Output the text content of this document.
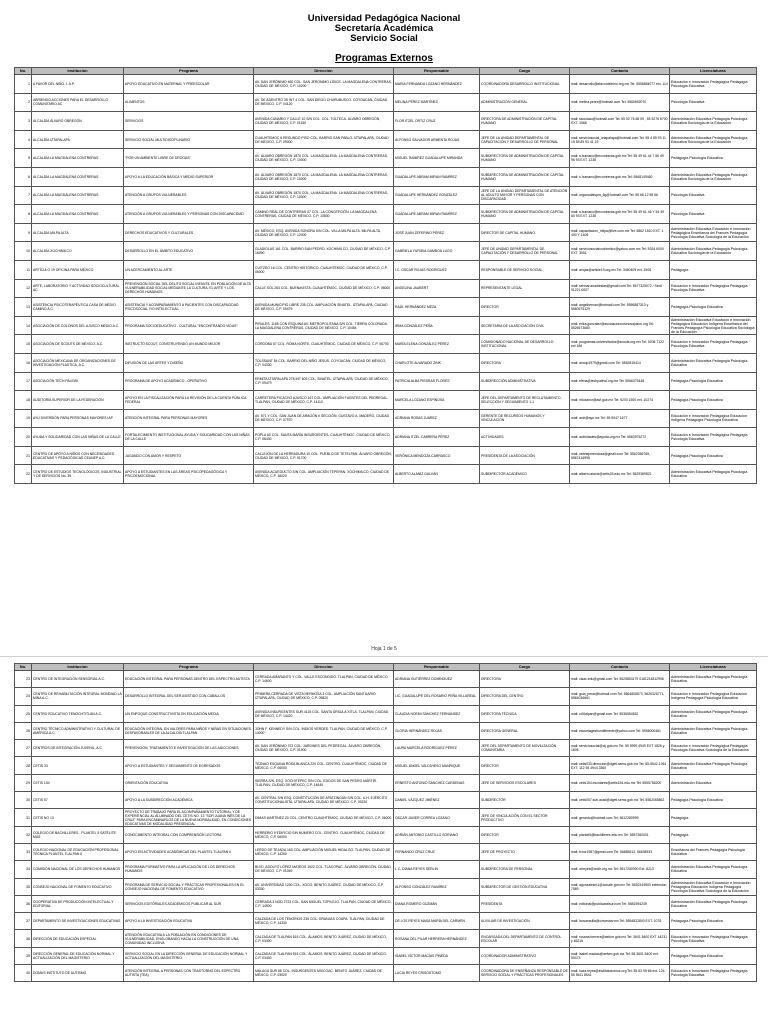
Universidad Pedagógica Nacional
Secretaría Académica
Servicio Social
Programas Externos
No.	Institución	Programa	Dirección	Responsable	Cargo	Contacto	Licenciaturas
1	A FAVOR DEL NIÑO, I. A.P.	APOYO EDUCATIVO EN MATERNAL Y PREESCOLAR	AV. SAN JERÓNIMO 460 COL. SAN JERÓNIMO LÍDICE. LA MAGDALENA CONTRERAS, CIUDAD DE MÉXICO, C.P. 10200	MARÍA FERNANDA LOZANO HERNÁNDEZ	COORDINADORA DESARROLLO INSTITUCIONAL	mail: desarrollo@afavordelnino.org.mx Tel: 5556684077 ext. 114	Educación e Innovación Pedagógica Pedagogía Psicología Educativa
2	ABRIENDO ACCIONES PARA EL DESARROLLO COMUNITARIO AC	ALIMENTOS	AV. DE ADENTRO 3S INT 4 COL. SAN DIEGO CHURUBUSCO. COYOACÁN, CIUDAD DE MÉXICO, C.P. 04120	MELINA PÉREZ MARTÍNEZ	ADMINISTRACIÓN GENERAL	mail: melina.perez@hotmail.com Tel: 5560692070	Psicología Educativa
3	ALCALDÍA ÁLVARO OBREGÓN	SERVICIOS	AVENIDA CANARIO Y CALLE 10 S/N COL. COL. TOLTECA. ÁLVARO OBREGÓN, CIUDAD DE MÉXICO, C.P. 01150	FLOR ITZEL ORTIZ CRUZ	DIRECTORA DE ADMINISTRACIÓN DE CAPITAL HUMANO	mail: ssociaao@hotmail.com Tel: 55 52 76 68 09 , 55 5276 6700 EXT. 1568	Administración Educativa Pedagogía Psicología Educativa Sociología de la Educación
4	ALCALDÍA IZTAPALAPA	SERVICIO SOCIAL MULTIDISCIPLINARIO	CUAUHTEMOC 6 REGUNDO PISO COL. BARRIO SAN PABLO. IZTAPALAPA, CIUDAD DE MÉXICO, C.P. 09000	ALFONSO SALVADOR ARMENTA ROJAS	JEFE DE LA UNIDAD DEPARTAMENTAL DE CAPACITACIÓN Y DESARROLLO DE PERSONAL	mail: serviciosocial_iztapalapa@hotmail.com Tel: 55 4 89 93 11 15 55 89 93 41 19	Administración Educativa Pedagogía Psicología Educativa Sociología de la Educación
5	ALCALDÍA LA MAGDALENA CONTRERAS	"POR UN AMBIENTE LIBRE DE DROGAS"	AV. ÁLVARO OBREGÓN 1870 COL. LA MAGDALENA. LA MAGDALENA CONTRERAS, CIUDAD DE MÉXICO, C.P. 10000	MIGUEL RAMÍREZ GUADALUPE MIRANDA	SUBDIRECTORA DE ADMINISTRACIÓN DE CAPITAL HUMANO	mail: s.humano@mcontreras.gob.mx Tel: 55 49 61 44 7 56 49 96 93 EXT. 1238	Pedagogía Psicología Educativa
6	ALCALDÍA LA MAGDALENA CONTRERAS	APOYO A LA EDUCACIÓN BÁSICA Y MEDIO SUPERIOR	AV. ÁLVARO OBREGÓN 1870 COL. LA MAGDALENA. LA MAGDALENA CONTRERAS, CIUDAD DE MÉXICO, C.P. 10000	GUADALUPE ABRAM MIRAN RAMÍREZ	SUBDIRECTORA DE ADMINISTRACIÓN DE CAPITAL HUMANO	mail: s.humano@mcontreras.gob.mx Tel: 5568149460	Administración Educativa Pedagogía Psicología Educativa Sociología de la Educación
7	ALCALDÍA LA MAGDALENA CONTRERAS	ATENCIÓN A GRUPOS VULNERABLES	AV. ÁLVARO OBREGÓN 1870 COL. LA MAGDALENA. LA MAGDALENA CONTRERAS, CIUDAD DE MÉXICO, C.P. 10000	GUADALUPE HERNÁNDEZ GONZÁLEZ	JEFE DE LA UNIDAD DEPARTAMENTAL DE ATENCIÓN AL ADULTO MAYOR Y PERSONAS CON DISCAPACIDAD	mail: organodatspm_5g@hotmail.com Tel: 55 68 12 98 66	Psicología Educativa
8	ALCALDÍA LA MAGDALENA CONTRERAS	ATENCIÓN A GRUPOS VULNERABLES Y PERSONAS CON DISCAPACIDAD	CAMINO REAL DE CONTRERAS 37 COL. LA CONCEPCIÓN. LA MAGDALENA CONTRERAS, CIUDAD DE MÉXICO, C.P. 10830	GUADALUPE ABRAM MIRAN RAMÍREZ	SUBDIRECTORA DE ADMINISTRACIÓN DE CAPITAL HUMANO	mail: s.humano@mcontreras.gob.mx Tel: 55 49 61 46 Y 54 49 60 93 EXT. 1238	Psicología Educativa
9	ALCALDÍA MILPA ALTA	DERECHOS EDUCATIVOS Y CULTURALES	AV. MÉXICO, ESQ. AVENIDA SONORA S/N COL. VILLA MILPA ALTA. MILPA ALTA, CIUDAD DE MÉXICO, C.P. 12000	JOSÉ JUAN ZEFERINO PÉREZ	DIRECTOR DE CAPITAL HUMANO	mail: capacitacion_milpa@live.com.mx Tel: 5862 1510 EXT. 1 400 Y 1405	Administración Educativa Educación e Innovación Pedagógica Enseñanza del Francés Pedagogía Psicología Educativa Sociología de la Educación
10	ALCALDÍA XOCHIMILCO	DESARROLLO EN EL ÁMBITO EDUCATIVO	GLADIOLAS 161 COL. BARRIO SAN PEDRO. XOCHIMILCO, CIUDAD DE MÉXICO, C.P. 16090	GABRIELA YURIDIA GAMBOA LUGO	JEFE DE UNIDAD DEPARTAMENTAL DE CAPACITACIÓN Y DESARROLLO DE PERSONAL	mail: serviciosocialxochimilco@yahoo.com.mx Tel: 5334 6000 EXT. 3551	Administración Educativa Pedagogía Psicología Educativa Sociología de la Educación
11	ARTÍCULO 19 OFICINA PARA MÉXICO	UN ACERCAMIENTO AL ARTE	CUITZEO 16 COL. CENTRO HISTÓRICO. CUAUHTÉMOC, CIUDAD DE MÉXICO, C.P. 06000	I.C. OSCAR ROJAS RODRÍGUEZ	RESPONSABLE DE SERVICIO SOCIAL	mail: arojas@article19.org.mx Tel: 3460409 ext. 1506	Pedagogía
12	ARTE, LABORATORIO Y ACTIVIDAD SOCIOCULTURAL AC	PREVENCIÓN SOCIAL DEL DELITO SOCIAL INFANTIL EN POBLACIÓN DE ALTA VULNERABILIDAD SOCIAL MEDIANTE LA CULTURA, EL ARTE Y LOS DERECHOS HUMANOS	CALLE SOL 263 COL. BUENAVISTA. CUAUHTÉMOC, CIUDAD DE MÉXICO, C.P. 06000	ANGELINA JAUBERT	REPRESENTANTE LEGAL	mail: sermar.anadiestas@gmail.com Tel: 5577325072 / Secil 91221 6007	Educación e Innovación Pedagógica Pedagogía Psicología Educativa
13	ASISTENCIA PSICOTERAPÉUTICA CASA DE MEDIO CAMINO A.C.	ASISTENCIA Y ACOMPAÑAMIENTO A PACIENTES CON DISCAPACIDAD PSICOSOCIAL Y/O INTELECTUAL.	AVENIDA MUNICIPIO LIBRE 235 COL. AMPLIACIÓN SINATEL. IZTAPALAPA, CIUDAD DE MÉXICO, C.P. 09479	RAÚL HERNÁNDEZ MEZA	DIRECTOR	mail: angelhernan@hotmail.com Tel: 5556887313 y 5560975129	Pedagogía Psicología Educativa
14	ASOCIACIÓN DE COLONOS DEL AJUSCO MEDIO A.C.	PROGRAMA SOCIOEDUCATIVO - CULTURAL "ENCONTRANDO VIDAS"	PIRULES, 1165 CON ESQUINA AV. METROPOLITANA S/N COL. TIERRA COLORADA. LA MAGDALENA CONTRERAS, CIUDAD DE MÉXICO, C.P. 10454	IRMA GONZÁLEZ PEÑA	SECRETARIA DE LA ASOCIACIÓN CIVIL	mail: erika.gonzalez@asociacioncolonosajusco.org Tel: 5526573680	Administración Educativa Educación e Innovación Pedagógica Educación Indígena Enseñanza del Francés Pedagogía Psicología Educativa Sociología de la Educación
15	ASOCIACIÓN DE SCOUTS DE MÉXICO, A.C.	INSTRUCTO SCOUT, CONSTRUYENDO UN MUNDO MEJOR	CÓRDOBA 57 COL. ROMA NORTE. CUAUHTÉMOC, CIUDAD DE MÉXICO, C.P. 06700	MARÍA ELENA GONZÁLEZ PÉREZ	COMISIONADO NACIONAL DE DESARROLLO INSTITUCIONAL	mail: programas.universitarios@scouts.org.mx Tel: 5208 7122 ext 186	Educación e Innovación Pedagógica Pedagogía Psicología Educativa
16	ASOCIACIÓN MEXICANA DE ORGANIZACIONES DE INVESTIGACIÓN PLÁSTICA, A.C.	DIFUSIÓN DE LAS ARTES Y DISEÑO	TOLSSANT 54 COL. BARRIO DEL NIÑO JESÚS. COYOACÁN, CIUDAD DE MÉXICO, C.P. 04330	CHARLOTE ALVARADO ZINK	DIRECTORA	mail: amoip1979@gmail.com Tel: 5552815414	Administración Educativa Pedagogía Psicología Educativa
17	ASOCIACIÓN TECH PALEWI	PROGRAMA DE APOYO ACADÉMICO - OPERATIVO	ERMITA IZTAPALAPA 278 INT 603 COL. SINATEL. IZTAPALAPA, CIUDAD DE MÉXICO, C.P. 09479	PATRICIA ALBA PIEDRAS FLORES	SUBDIRECCIÓN ADMINISTRATIVA	mail: elena@techpalewi.org.mx Tel: 5566375448	Pedagogía Psicología Educativa
18	AUDITORÍA SUPERIOR DE LA FEDERACIÓN	APOYO EN LA FISCALIZACIÓN PARA LA REVISIÓN DE LA CUENTA PÚBLICA FEDERAL	CARRETERA PICACHO AJUSCO 167 COL. AMPLIACIÓN FUENTES DEL PEDREGAL. TLALPAN, CIUDAD DE MÉXICO, C.P. 14110	MARCELA LOZANO ESPINOSA	JEFE DEL DEPARTAMENTO DE RECLUTAMIENTO, SELECCIÓN Y SEGUIMIENTO 1.1	mail: mlozanor@asf.gob.mx Tel: 5200 1500 ext. 10274	Pedagogía Psicología Educativa
19	AYÚ DIVERSIÓN PARA PERSONAS MAYORES IAP	ATENCIÓN INTEGRAL PARA PERSONAS MAYORES	AV. 571 Y COL. SAN JUAN DE ARAGÓN II SECCIÓN. GUSTAVO A. MADERO, CIUDAD DE MÉXICO, C.P. 07970	ADRIANA ROSAS JUÁREZ	GERENTE DE RECURSOS HUMANOS Y VINCULACIÓN	mail: ardr@ayu.mx Tel: 55 5047 1677	Educación e Innovación Pedagógica Educación Indígena Pedagogía Psicología Educativa
20	AYUDA Y SOLIDARIDAD CON LAS NIÑAS DE LA CALLE	FORTALECIMIENTO INSTITUCIONAL AYUDA Y SOLIDARIDAD CON LAS NIÑAS DE LA CALLE	POPLA 60 COL. SANTA MARÍA INSURGENTES. CUAUHTÉMOC, CIUDAD DE MÉXICO, C.P. 06430	ADRIANA ITZEL CABRERA PÉREZ	ACTIVIDADES	mail: actividades@ayuda.org.mx Tel: 5563975272	Educación e Innovación Pedagógica Pedagogía Psicología Educativa
21	CENTRO DE APOYO A NIÑOS CON NECESIDADES EDUCATIVAS Y PEDAGÓGICAS CEANEP A.C.	JUGANDO CON AMOR Y RESPETO	CALLEJÓN DE LA HERRADURA 10 COL. PUEBLO DE TETELPAN. ÁLVARO OBREGÓN, CIUDAD DE MÉXICO, C.P. 01700	VERÓNICA MENDOZA CARRASCO	PRESIDENTA DE LA ASOCIACIÓN	mail: ceanepmendoza@gmail.com Tel: 5562356765, 5567416998	Pedagogía Psicología Educativa
22	CENTRO DE ESTUDIOS TECNOLÓGICOS, INDUSTRIAL Y DE SERVICIOS No. 39	APOYO A ESTUDIANTES EN LAS ÁREAS PSICOPEDAGÓGICA Y PSICOEMOCIONAL	AVENIDA ACUEDUCTO S/N COL. AMPLIACIÓN TEPEPAN. XOCHIMILCO, CIUDAD DE MÉXICO, C.P. 16020	ALBERTO ALANÍZ GALVÁN	SUBDIRECTOR ACADÉMICO	mail: alberto.alaniz@cetis39.edu.mx Tel: 5529369821	Administración Educativa Pedagogía Psicología Educativa
Hoja 1 de 5
No.	Institución	Programa	Dirección	Responsable	Cargo	Contacto	Licenciaturas
23	CENTRO DE INTEGRACIÓN SENSORIAL A.C.	EDUCACIÓN INTEGRAL PARA PERSONAS DENTRO DEL ESPECTRO AUTISTA	CERRADA AMARANTO Y COL. VALLE ESCONDIDO. TLALPAN, CIUDAD DE MÉXICO, C.P. 14600	ADRIANA GUTIÉRREZ DOMÍNGUEZ	DIRECTORA	mail: cisac.edu@gmail.com Tel: 5525853179 0181214812998	Administración Educativa Pedagogía Psicología Educativa
24	CENTRO DE REHABILITACIÓN INTEGRAL MONDIAD LA MINA A.C.	DESARROLLO INTEGRAL DEL SER ASISTIDO CON CABALLOS	PRIMERA CERRADA DE VISTA HERMOSA 3 COL. AMPLIACIÓN SANTUARIO. IZTAPALAPA, CIUDAD DE MÉXICO, C.P. 09820	LIC. GUADALUPE DEL ROSARIO PEÑA VILLAREAL	DIRECTORA DEL CENTRO	mail: guia_pena@hotmail.com Tel: 5564806573, 5626326771, 5564036661	Educación e Innovación Pedagógica Educación Indígena Pedagogía Psicología Educativa
25	CENTRO EDUCATIVO TENOCHTITLAN A.C.	UN ENFOQUE CONSTRUCTIVISTA EN EDUCACIÓN MEDIA	AVENIDA INSURGENTES SUR 4115 COL. SANTA ÚRSULA XITLA. TLALPAN, CIUDAD DE MÉXICO, C.P. 14420	CLAUDIA NOEMI SÁNCHEZ FERNÁNDEZ	DIRECTORA TÉCNICA	mail: ctl.tlalpan@gmail.com Tel: 5536554532	Administración Educativa Pedagogía Psicología Educativa
26	CENTRO TÉCNICO ADMINISTRATIVO Y CULTURAL DE AMÉRICA A.C.	EDUCACIÓN INTEGRAL EN VALORES PARA NIÑOS Y NIÑAS EN SITUACIONES DESFAVORABLES DE LA ALCALDÍA TLALPAN	JOHN F. KENNEDY S/N COL. INDIOS VERDES. TLALPAN, CIUDAD DE MÉXICO, C.P. 14000	GLORIA HERNÁNDEZ ROJAS	DIRECTORA GENERAL	mail: escuelagestiondiferente@yahoo.com Tel: 5556000461	Administración Educativa Pedagogía Psicología Educativa
27	CENTROS DE INTEGRACIÓN JUVENIL, A.C.	PREVENCIÓN, TRATAMIENTO E INVESTIGACIÓN DE LAS ADICCIONES	AV. SAN JERÓNIMO 372 COL. JARDINES DEL PEDREGAL. ÁLVARO OBREGÓN, CIUDAD DE MÉXICO, C.P. 01900	LAURA MARCELA RODRÍGUEZ PÉREZ	JEFE DEL DEPARTAMENTO DE MOVILIZACIÓN COMUNITARIA	mail: serviciosocial@cij.gob.mx Tel: 55 5999 4949 EXT 1826 y 1605	Educación e Innovación Pedagógica Pedagogía Psicología Educativa Sociología de la Educación
28	CETIS 33	APOYO A ESTUDIANTES Y SEGUIMIENTO DE EGRESADOS	TEZNAO ESQUINA ROSA BLANCA 220 COL. CENTRO. CUAUHTÉMOC, CIUDAD DE MÉXICO, C.P. 06000	MIGUEL ÁNGEL VALDIVIESO MANRIQUE	DIRECTOR	mail: cetis033.direccion@dgeti.sems.gob.mx Tel: 55-5542-1061 EXT. 112 55 4944 3360	Administración Educativa Pedagogía Psicología Educativa
29	CETIS 154	ORIENTACIÓN EDUCATIVA	SIERRA S/N, ESQ. XOCHITEPEC S/N COL. EJIDOS DE SAN PEDRO MÁRTIR. TLALPAN, CIUDAD DE MÉXICO, C.P. 14640	ERNESTO ANTONIO SÁNCHEZ CARDENAS	JEFE DE SERVICIOS ESCOLARES	mail: cetis154.escolares@cetis154.edu.mx Tel: 5555756200	Administración Educativa
30	CETIS 57	APOYO A LA SUBDIRECCIÓN ACADÉMICA	AV. CENTRAL S/N ESQ. CONSTITUCIÓN DE APATZINGÁN S/N COL. U.H. EJÉRCITO CONSTITUCIONALISTA. IZTAPALAPA, CIUDAD DE MÉXICO, C.P. 09220	DANIEL VÁZQUEZ JIMÉNEZ	SUBDIRECTOR	mail: cetis057.sub.acad@dgeti.sems.gob.mx Tel: 5562065862	Pedagogía Psicología Educativa
31	CETIS NO 13	PROYECTO DE TRABAJO PARA EL ACOMPAÑAMIENTO TUTORIAL Y DE EXPERIENCIAL AL ALUMNADO DEL CETIS NO. 13 "SOR JUANA INÉS DE LA CRUZ" PARA ENCAMINARLOS DE LA NUEVA NORMALIDAD, EN CONDICIONES EDUCATIVAS DE MODALIDAD PRESENCIAL	DIMAS MARTÍNEZ 20 COL. CENTRO CUAUHTÉMOC, CIUDAD DE MÉXICO, C.P. 06000	OSCAR JAVIER CORREA LOZANO	JEFE DE VINCULACIÓN CON EL SECTOR PRODUCTIVO	mail: gerardo@hotmail.com Tel: 5612280999	Pedagogía
32	COLEGIO DE BACHILLERES - PLANTEL 5 SATÉLITE MÁS	CONOCIMIENTO INTEGRAL CON COMPRENSIÓN LECTORA	HERRERIO 9 EDIFICIO SIN NÚMERO COL. CENTRO. CUAUHTÉMOC, CIUDAD DE MÉXICO, C.P. 06000	ADRIÁN ANTONIO CASTILLO SORIANO	DIRECTOR	mail: plantel5@bachilleres.edu.mx Tel: 5557260001	Pedagogía
33	COLEGIO NACIONAL DE EDUCACIÓN PROFESIONAL TÉCNICA PLANTEL TLALPAN II	APOYO EN ACTIVIDADES ACADÉMICAS DEL PLANTEL TLALPAN II	LERDO DE TEJADA 163 COL. AMPLIACIÓN MIGUEL HIDALGO. TLALPAN, CIUDAD DE MÉXICO, C.P. 14250	FERNANDO CRUZ CRUZ	JEFE DE PROYECTO	mail: fcruz1987@gmail.com Tel: 56685513, 56638933	Enseñanza del Francés Pedagogía Psicología Educativa
34	COMISIÓN NACIONAL DE LOS DERECHOS HUMANOS	PROGRAMA FORMATIVO PARA LA APLICACIÓN DE LOS DERECHOS HUMANOS	BLVD. ADOLFO LÓPEZ MATEOS 1922 COL. TLACOPAC. ÁLVARO OBREGÓN, CIUDAD DE MÉXICO, C.P. 01049	L.C. DIANA REYES SERLIN	SUBDIRECTORA DE PERSONAL	mail: drreyes@cndh.org.mx Tel: 5517250900 Ext. 8213	Administración Educativa Pedagogía Psicología Educativa
35	CONSEJO NACIONAL DE FOMENTO EDUCATIVO	PROGRAMA DE SERVICIO SOCIAL Y PRÁCTICAS PROFESIONALES EN EL CONSEJO NACIONAL DE FOMENTO EDUCATIVO	AV. UNIVERSIDAD 1200 COL. XOCO. BENITO JUÁREZ, CIUDAD DE MÉXICO, C.P. 03330	ALFONSO GONZÁLEZ RAMÍREZ	SUBDIRECTOR DE GESTIÓN EDUCATIVA	mail: agonzalezm1@conafe.gob.mx Tel: 5552419500 extensión 7569	Administración Educativa Educación e Innovación Pedagógica Educación Indígena Pedagogía Psicología Educativa Sociología de la Educación
36	COOPERATIVA DE PRODUCCIÓN INTELECTUAL Y EDITORIAL	SERVICIOS EDITORIALES ACADÉMICOS PUBLICAR AL SUR	CERRADA 3 NOD 2723 COL. SAN MIGUEL TOPILEJO. TLALPAN, CIUDAD DE MÉXICO, C.P. 14500	DIANA ROMERO GUZMÁN	PRESIDENTA	mail: editorial@publicaralsur.com Tel: 5581594249	Administración Educativa Pedagogía Psicología Educativa
37	DEPARTAMENTO DE INVESTIGACIONES EDUCATIVAS	APOYO A LA INVESTIGACIÓN EDUCATIVA	CALZADA DE LOS TENORIOS 235 COL. GRANJAS COAPA. TLALPAN, CIUDAD DE MÉXICO, C.P. 14330	DE LOS REYES MASA MARÍA DEL CARMEN	AUXILIAR DE INVESTIGACIÓN	mail: lcosarasilla@cinvestav.mx Tel: 5554832800 EXT. 1078	Pedagogía Psicología Educativa
38	DIRECCIÓN DE EDUCACIÓN ESPECIAL	ATENCIÓN EDUCATIVA A LA POBLACIÓN EN CONDICIONES DE VULNERABILIDAD, ENGLOBANDO HACIA LA CONSTRUCCIÓN DE UNA COMUNIDAD INCLUSIVA	CALZADA DE TLALPAN 515 COL. ÁLAMOS. BENITO JUÁREZ, CIUDAD DE MÉXICO, C.P. 03400	ROSANA DEL PILAR HERRERA HERNÁNDEZ	ENCARGADA DEL DEPARTAMENTO DE CONTROL ESCOLAR	mail: rosana.herrera@aefcm.gob.mx Tel: 3601 8400 EXT 44231 y 46216	Educación e Innovación Pedagógica Pedagogía Psicología Educativa
39	DIRECCIÓN GENERAL DE EDUCACIÓN NORMAL Y ACTUALIZACIÓN DEL MAGISTERIO	SERVICIO SOCIAL EN LA DIRECCIÓN GENERAL DE EDUCACIÓN NORMAL Y ACTUALIZACIÓN DEL MAGISTERIO	CALZADA DE TLALPAN 515 COL. ÁLAMOS. BENITO JUÁREZ, CIUDAD DE MÉXICO, C.P. 03400	ISABEL VÍCTOR MACÍAS PINEDA	COORDINADOR ADMINISTRATIVO	mail: isabel.macias@aefcm.gob.mx Tel: 55 3601 8400 ext. 50473	Pedagogía Psicología Educativa
40	DOMUS INSTITUTO DE AUTISMO	ATENCIÓN INTEGRAL A PERSONAS CON TRASTORNO DEL ESPECTRO AUTISTA (TEA)	MÁLAGA SUR 68 COL. INSURGENTES MIXCOAC. BENITO JUÁREZ, CIUDAD DE MÉXICO, C.P. 03920	LUCIA REYES CRISÓSTOMO	COORDINADORA DE ENSEÑANZA RESPONSABLE DE SERVICIO SOCIAL Y PRÁCTICAS PROFESIONALES	mail: lucia.reyes@institutodomus.org Tel: 55 63 99 66 ext. 124 55 5611 8541	Educación e Innovación Pedagógica Pedagogía Psicología Educativa
